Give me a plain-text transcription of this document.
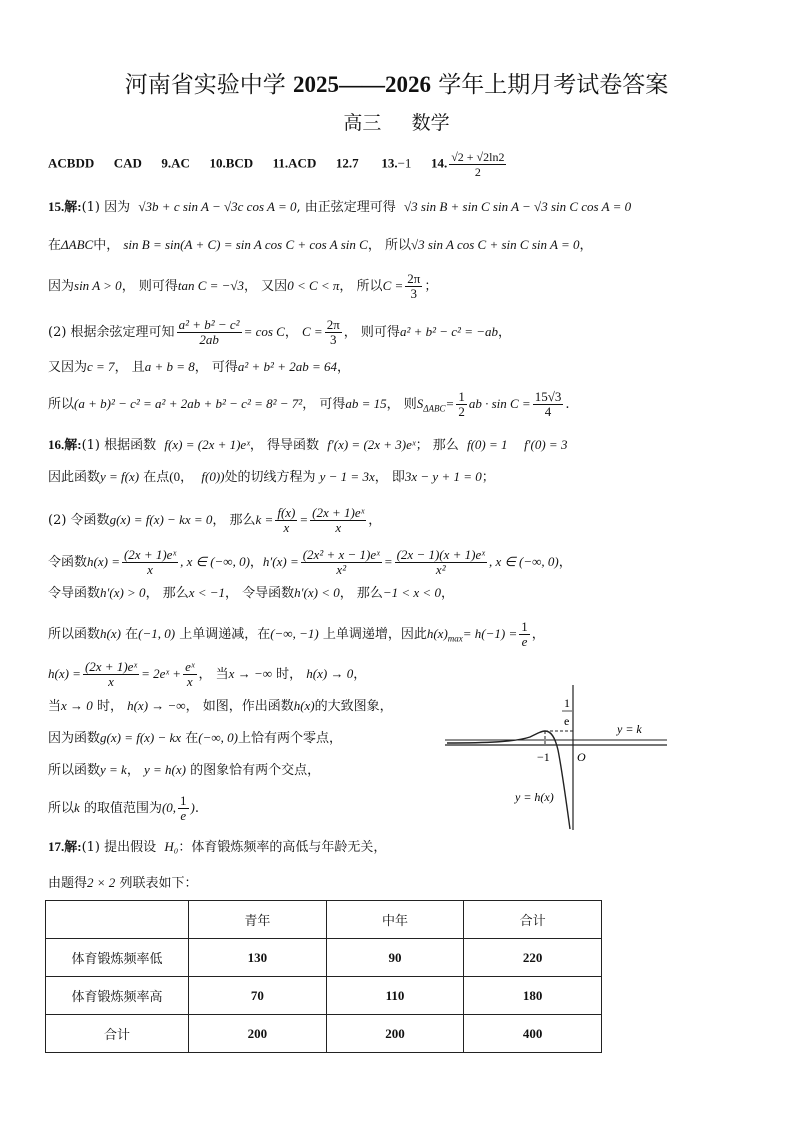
河南省实验中学 2025——2026 学年上期月考试卷答案
高三 数学
ACBDD CAD 9.AC 10.BCD 11.ACD 12.7 13.−1 14. $\frac{√2 + √2\ln 2}{2}$
15.解:(1) 因为 √3b + c sin A − √3c cos A = 0, 由正弦定理可得 √3 sin B + sin C sin A − √3 sin C cos A = 0
在ΔABC中， sin B = sin(A + C) = sin A cos C + cos A sin C， 所以√3 sin A cos C + sin C sin A = 0，
因为sin A > 0， 则可得tan C = −√3， 又因0 < C < π， 所以$C = \frac{2\pi}{3}$ ；
(2) 根据余弦定理可知 $\frac{\text{a² + b² − c²}}{2ab} = \cos C$， $C = \frac{2\pi}{3}$ ， 则可得a² + b² − c² = −ab，
又因为c = 7， 且a + b = 8， 可得a² + b² + 2ab = 64，
所以(a + b)² − c² = a² + 2ab + b² − c² = 8² − 7²， 可得ab = 15， 则$S_{\Delta ABC}= \frac{1}{2}$ ab · $\sin C = \frac{15√3}{4}$ .
16.解:(1) 根据函数 f(x) = (2x + 1)eˣ， 得导函数 f′(x) = (2x + 3)eˣ； 那么 f(0) = 1 f′(0) = 3
因此函数y = f(x) 在点(0， f(0))处的切线方程为 y − 1 = 3x， 即3x − y + 1 = 0；
(2) 令函数g(x) = f(x) − kx = 0， 那么$k = \frac{f(x)}{x} = \frac{\text{(2x + 1)eˣ}}{x}$ ，
令函数$h(x) = \frac{\text{(2x + 1)eˣ}}{x}$ , x ∈ (−∞, 0)，$h'(x) = \frac{\text{(2x² + x − 1)eˣ}}{\text{x²}} = \frac{\text{(2x − 1)(x + 1)eˣ}}{\text{x²}}$ , x ∈ (−∞, 0)，
令导函数h′(x) > 0， 那么x < −1， 令导函数h′(x) < 0， 那么−1 < x < 0，
所以函数h(x) 在(−1, 0) 上单调递减，在(−∞, −1) 上单调递增，因此$h(x)_{max}= h(-1) = \frac{1}{e}$ ，
$h(x) = \frac{\text{(2x + 1)eˣ}}{x}$ = 2eˣ + $\frac{\text{eˣ}}{x}$ ， 当x → −∞ 时， h(x) → 0，
当x → 0 时， h(x) → −∞， 如图，作出函数h(x)的大致图象，
因为函数g(x) = f(x) − kx 在(−∞, 0)上恰有两个零点，
所以函数y = k， y = h(x) 的图象恰有两个交点，
所以k 的取值范围为(0, $\frac{1}{e}$ ).
1
e
−1 O
y = k
y = h(x)
17.解:(1) 提出假设 H₀：体育锻炼频率的高低与年龄无关，
由题得2 × 2 列联表如下：
	青年	中年	合计
体育锻炼频率低	130	90	220
体育锻炼频率高	70	110	180
合计	200	200	400
